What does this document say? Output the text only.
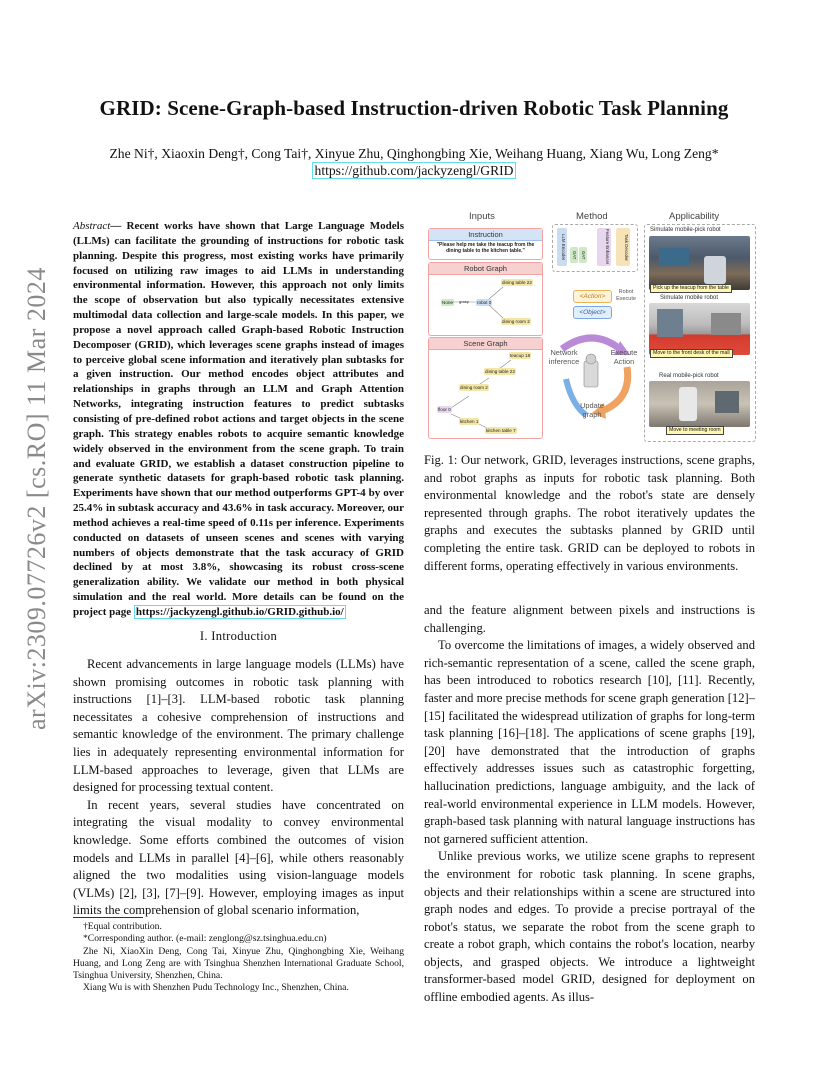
GRID: Scene-Graph-based Instruction-driven Robotic Task Planning
Zhe Ni†, Xiaoxin Deng†, Cong Tai†, Xinyue Zhu, Qinghongbing Xie, Weihang Huang, Xiang Wu, Long Zeng*
https://github.com/jackyzengl/GRID
arXiv:2309.07726v2 [cs.RO] 11 Mar 2024
Abstract— Recent works have shown that Large Language Models (LLMs) can facilitate the grounding of instructions for robotic task planning. Despite this progress, most existing works have primarily focused on utilizing raw images to aid LLMs in understanding environmental information. However, this approach not only limits the scope of observation but also typically necessitates extensive multimodal data collection and large-scale models. In this paper, we propose a novel approach called Graph-based Robotic Instruction Decomposer (GRID), which leverages scene graphs instead of images to perceive global scene information and iteratively plan subtasks for a given instruction. Our method encodes object attributes and relationships in graphs through an LLM and Graph Attention Networks, integrating instruction features to predict subtasks consisting of pre-defined robot actions and target objects in the scene graph. This strategy enables robots to acquire semantic knowledge widely observed in the environment from the scene graph. To train and evaluate GRID, we establish a dataset construction pipeline to generate synthetic datasets for graph-based robotic task planning. Experiments have shown that our method outperforms GPT-4 by over 25.4% in subtask accuracy and 43.6% in task accuracy. Moreover, our method achieves a real-time speed of 0.11s per inference. Experiments conducted on datasets of unseen scenes and scenes with varying numbers of objects demonstrate that the task accuracy of GRID declined by at most 3.8%, showcasing its robust cross-scene generalization ability. We validate our method in both physical simulation and the real world. More details can be found on the project page https://jackyzengl.github.io/GRID.github.io/
I. Introduction

Recent advancements in large language models (LLMs) have shown promising outcomes in robotic task planning with instructions [1]–[3]. LLM-based robotic task planning necessitates a cohesive comprehension of instructions and semantic knowledge of the environment. The primary challenge lies in adequately representing environmental information for LLM-based approaches to leverage, given that LLMs are designed for processing textual content.

In recent years, several studies have concentrated on integrating the visual modality to convey environmental knowledge. Some efforts combined the outcomes of vision models and LLMs in parallel [4]–[6], while others reasonably aligned the two modalities using vision-language models (VLMs) [2], [3], [7]–[9]. However, employing images as input limits the comprehension of global scenario information,

†Equal contribution.

*Corresponding author. (e-mail: zenglong@sz.tsinghua.edu.cn)

Zhe Ni, XiaoXin Deng, Cong Tai, Xinyue Zhu, Qinghongbing Xie, Weihang Huang, and Long Zeng are with Tsinghua Shenzhen International Graduate School, Tsinghua University, Shenzhen, China.

Xiang Wu is with Shenzhen Pudu Technology Inc., Shenzhen, China.

Inputs	Method	Applicability
Instruction
"Please help me take the teacup from the dining table to the kitchen table."
Robot Graph
dining table 22
None grasp robot 0
dining room 2
Scene Graph
teacup 18
dining table 22
dining room 2
floor 0
kitchen 1
kitchen table 7
LLM Encoder	GAT GAT	Feature Enhancer	Task Decoder
<Action>
<Object>
Robot Execute
Network inference
Execute Action
Update graph
Simulate mobile-pick robot
Pick up the teacup from the table
Simulate mobile robot
Move to the front desk of the mall
Real mobile-pick robot
Move to meeting room
Fig. 1: Our network, GRID, leverages instructions, scene graphs, and robot graphs as inputs for robotic task planning. Both environmental knowledge and the robot's state are densely represented through graphs. The robot iteratively updates the graphs and executes the subtasks planned by GRID until completing the entire task. GRID can be deployed to robots in different forms, operating effectively in various environments.

and the feature alignment between pixels and instructions is challenging.

To overcome the limitations of images, a widely observed and rich-semantic representation of a scene, called the scene graph, has been introduced to robotics research [10], [11]. Recently, faster and more precise methods for scene graph generation [12]–[15] facilitated the widespread utilization of graphs for long-term task planning [16]–[18]. The applications of scene graphs [19], [20] have demonstrated that the introduction of graphs effectively addresses issues such as catastrophic forgetting, hallucination predictions, language ambiguity, and the lack of real-world environmental experience in LLM models. However, graph-based task planning with natural language instructions has not garnered sufficient attention.

Unlike previous works, we utilize scene graphs to represent the environment for robotic task planning. In scene graphs, objects and their relationships within a scene are structured into graph nodes and edges. To provide a precise portrayal of the robot's status, we separate the robot from the scene graph to create a robot graph, which contains the robot's location, nearby objects, and grasped objects. We introduce a lightweight transformer-based model GRID, designed for deployment on offline embodied agents. As illus-
